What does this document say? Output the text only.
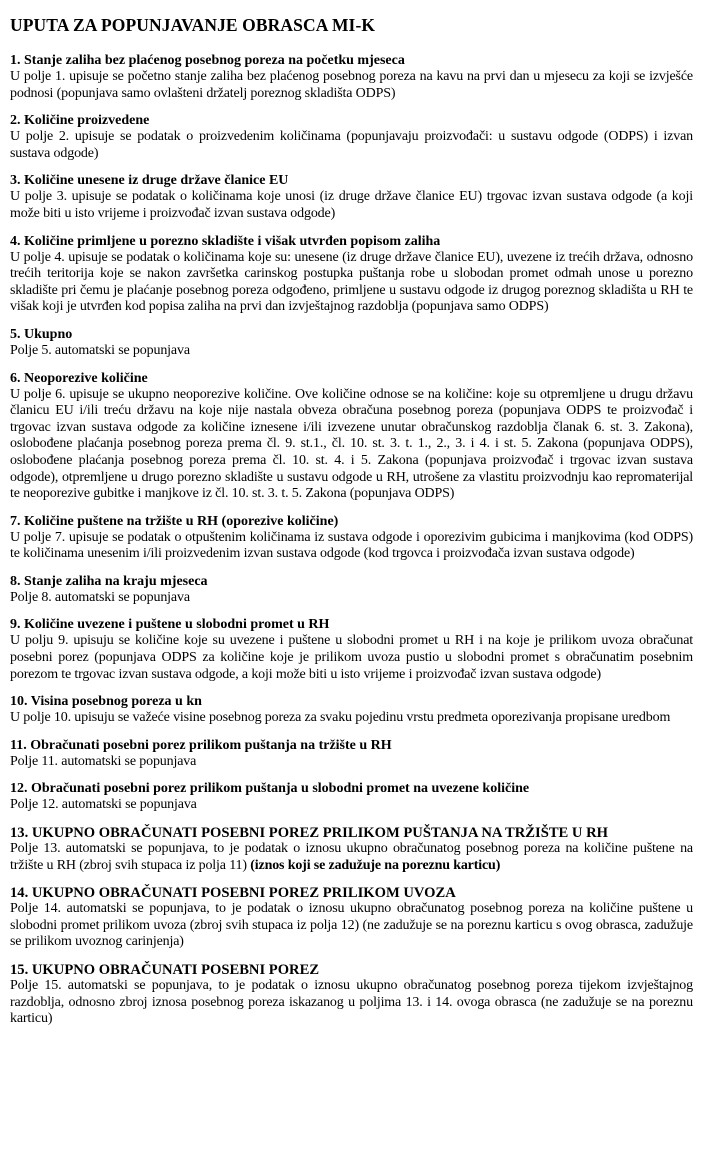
UPUTA ZA POPUNJAVANJE OBRASCA MI-K
1. Stanje zaliha bez plaćenog posebnog poreza na početku mjeseca
U polje 1. upisuje se početno stanje zaliha bez plaćenog posebnog poreza na kavu na prvi dan u mjesecu za koji se izvješće podnosi (popunjava samo ovlašteni držatelj poreznog skladišta ODPS)
2. Količine proizvedene
U polje 2. upisuje se podatak o proizvedenim količinama (popunjavaju proizvođači: u sustavu odgode (ODPS) i izvan sustava odgode)
3. Količine unesene iz druge države članice EU
U polje 3. upisuje se podatak o količinama koje unosi (iz druge države članice EU) trgovac izvan sustava odgode (a koji može biti u isto vrijeme i proizvođač izvan sustava odgode)
4. Količine primljene u porezno skladište i višak utvrđen popisom zaliha
U polje 4. upisuje se podatak o količinama koje su: unesene (iz druge države članice EU), uvezene iz trećih država, odnosno trećih teritorija koje se nakon završetka carinskog postupka puštanja robe u slobodan promet odmah unose u porezno skladište pri čemu je plaćanje posebnog poreza odgođeno, primljene u sustavu odgode iz drugog poreznog skladišta u RH te višak koji je utvrđen kod popisa zaliha na prvi dan izvještajnog razdoblja (popunjava samo ODPS)
5. Ukupno
Polje 5. automatski se popunjava
6. Neoporezive količine
U polje 6. upisuje se ukupno neoporezive količine. Ove količine odnose se na količine: koje su otpremljene u drugu državu članicu EU i/ili treću državu na koje nije nastala obveza obračuna posebnog poreza (popunjava ODPS te proizvođač i trgovac izvan sustava odgode za količine iznesene i/ili izvezene unutar obračunskog razdoblja članak 6. st. 3. Zakona), oslobođene plaćanja posebnog poreza prema čl. 9. st.1., čl. 10. st. 3. t. 1., 2., 3. i 4. i st. 5. Zakona (popunjava ODPS), oslobođene plaćanja posebnog poreza prema čl. 10. st. 4. i 5. Zakona (popunjava proizvođač i trgovac izvan sustava odgode), otpremljene u drugo porezno skladište u sustavu odgode u RH, utrošene za vlastitu proizvodnju kao repromaterijal te neoporezive gubitke i manjkove iz čl. 10. st. 3. t. 5. Zakona (popunjava ODPS)
7. Količine puštene na tržište u RH (oporezive količine)
U polje 7. upisuje se podatak o otpuštenim količinama iz sustava odgode i oporezivim gubicima i manjkovima (kod ODPS) te količinama unesenim i/ili proizvedenim izvan sustava odgode (kod trgovca i proizvođača izvan sustava odgode)
8. Stanje zaliha na kraju mjeseca
Polje 8. automatski se popunjava
9. Količine uvezene i puštene u slobodni promet u RH
U polju 9. upisuju se količine koje su uvezene i puštene u slobodni promet u RH i na koje je prilikom uvoza obračunat posebni porez (popunjava ODPS za količine koje je prilikom uvoza pustio u slobodni promet s obračunatim posebnim porezom te trgovac izvan sustava odgode, a koji može biti u isto vrijeme i proizvođač izvan sustava odgode)
10. Visina posebnog poreza u kn
U polje 10. upisuju se važeće visine posebnog poreza za svaku pojedinu vrstu predmeta oporezivanja propisane uredbom
11. Obračunati posebni porez prilikom puštanja na tržište u RH
Polje 11. automatski se popunjava
12. Obračunati posebni porez prilikom puštanja u slobodni promet na uvezene količine
Polje 12. automatski se popunjava
13. UKUPNO OBRAČUNATI POSEBNI POREZ PRILIKOM PUŠTANJA NA TRŽIŠTE U RH
Polje 13. automatski se popunjava, to je podatak o iznosu ukupno obračunatog posebnog poreza na količine puštene na tržište u RH (zbroj svih stupaca iz polja 11) (iznos koji se zadužuje na poreznu karticu)
14. UKUPNO OBRAČUNATI POSEBNI POREZ PRILIKOM UVOZA
Polje 14. automatski se popunjava, to je podatak o iznosu ukupno obračunatog posebnog poreza na količine puštene u slobodni promet prilikom uvoza (zbroj svih stupaca iz polja 12) (ne zadužuje se na poreznu karticu s ovog obrasca, zadužuje se prilikom uvoznog carinjenja)
15. UKUPNO OBRAČUNATI POSEBNI POREZ
Polje 15. automatski se popunjava, to je podatak o iznosu ukupno obračunatog posebnog poreza tijekom izvještajnog razdoblja, odnosno zbroj iznosa posebnog poreza iskazanog u poljima 13. i 14. ovoga obrasca (ne zadužuje se na poreznu karticu)
